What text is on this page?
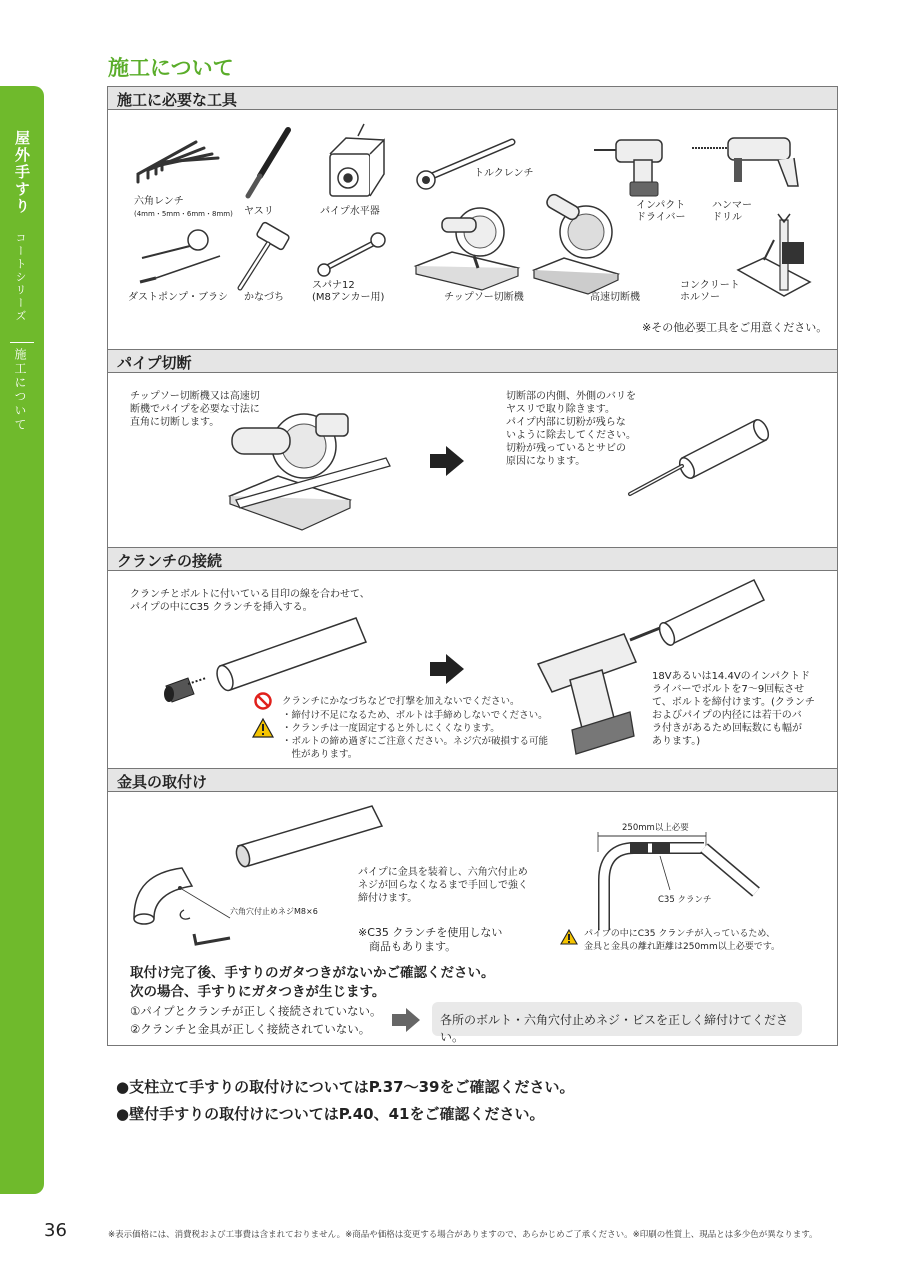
屋外手すり
コートシリーズ
施工について
施工について
施工に必要な工具
六角レンチ
(4mm・5mm・6mm・8mm) ヤスリ	パイプ水平器
トルクレンチ
インパクト
ドライバー
ハンマー
ドリル
ダストポンプ・ブラシ かなづち
スパナ12
(M8アンカー用)	チップソー切断機	高速切断機
コンクリート
ホルソー
※その他必要工具をご用意ください。
パイプ切断
チップソー切断機又は高速切
断機でパイプを必要な寸法に
直角に切断します。
切断部の内側、外側のバリを
ヤスリで取り除きます。
パイプ内部に切粉が残らな
いように除去してください。
切粉が残っているとサビの
原因になります。
クランチの接続
クランチとボルトに付いている目印の線を合わせて、
パイプの中にC35 クランチを挿入する。
クランチにかなづちなどで打撃を加えないでください。
・締付け不足になるため、ボルトは手締めしないでください。
・クランチは一度固定すると外しにくくなります。
・ボルトの締め過ぎにご注意ください。ネジ穴が破損する可能
　性があります。
18Vあるいは14.4Vのインパクトド
ライバーでボルトを7～9回転させ
て、ボルトを締付けます。(クランチ
およびパイプの内径には若干のバ
ラ付きがあるため回転数にも幅が
あります。)
金具の取付け
六角穴付止めネジM8×6
パイプに金具を装着し、六角穴付止め
ネジが回らなくなるまで手回しで強く
締付けます。
※C35 クランチを使用しない
　商品もあります。
250mm以上必要
C35 クランチ
パイプの中にC35 クランチが入っているため、
金具と金具の離れ距離は250mm以上必要です。
取付け完了後、手すりのガタつきがないかご確認ください。
次の場合、手すりにガタつきが生じます。
①パイプとクランチが正しく接続されていない。
②クランチと金具が正しく接続されていない。
各所のボルト・六角穴付止めネジ・ビスを正しく締付けてください。
●支柱立て手すりの取付けについてはP.37～39をご確認ください。
●壁付手すりの取付けについてはP.40、41をご確認ください。
36	※表示価格には、消費税および工事費は含まれておりません。※商品や価格は変更する場合がありますので、あらかじめご了承ください。※印刷の性質上、現品とは多少色が異なります。
